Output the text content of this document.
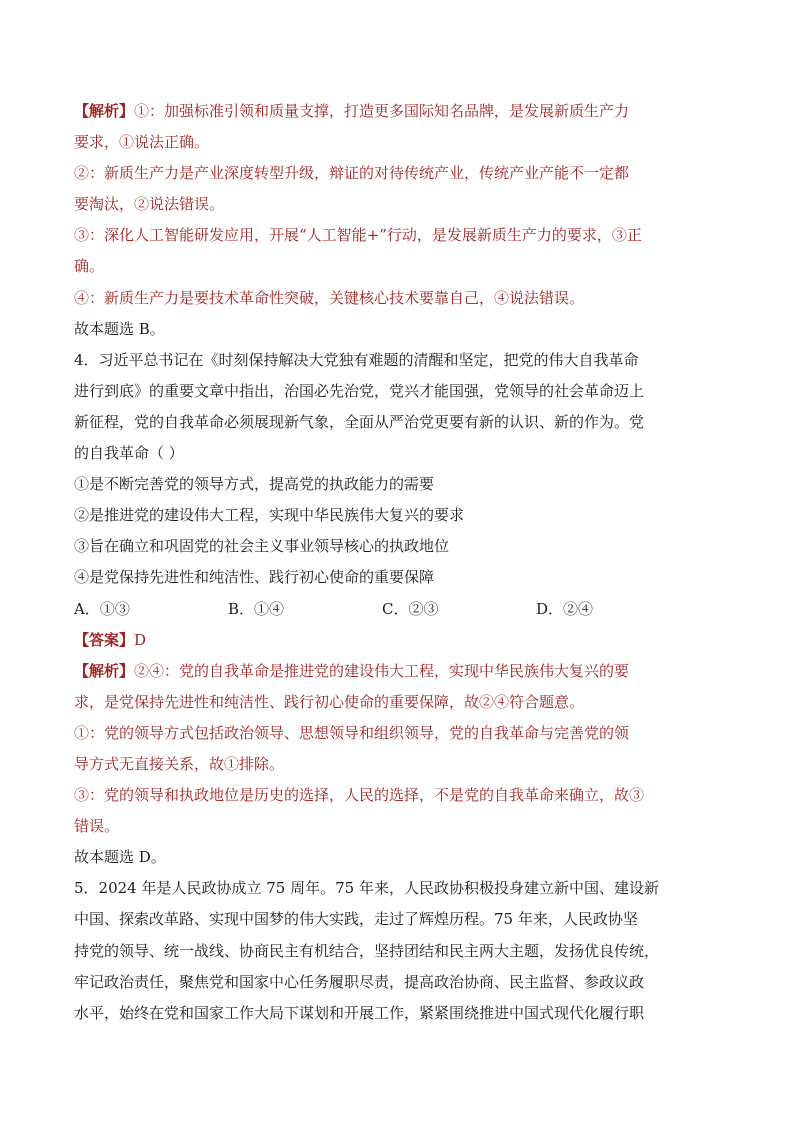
【解析】①：加强标准引领和质量支撑，打造更多国际知名品牌，是发展新质生产力
要求，①说法正确。
②：新质生产力是产业深度转型升级，辩证的对待传统产业，传统产业产能不一定都
要淘汰，②说法错误。
③：深化人工智能研发应用，开展“人工智能+”行动，是发展新质生产力的要求，③正
确。
④：新质生产力是要技术革命性突破，关键核心技术要靠自己，④说法错误。
故本题选 B。
4．习近平总书记在《时刻保持解决大党独有难题的清醒和坚定，把党的伟大自我革命
进行到底》的重要文章中指出，治国必先治党，党兴才能国强，党领导的社会革命迈上
新征程，党的自我革命必须展现新气象，全面从严治党更要有新的认识、新的作为。党
的自我革命（ ）
①是不断完善党的领导方式，提高党的执政能力的需要
②是推进党的建设伟大工程，实现中华民族伟大复兴的要求
③旨在确立和巩固党的社会主义事业领导核心的执政地位
④是党保持先进性和纯洁性、践行初心使命的重要保障
A．①③	B．①④	C．②③	D．②④
【答案】D
【解析】②④：党的自我革命是推进党的建设伟大工程，实现中华民族伟大复兴的要
求，是党保持先进性和纯洁性、践行初心使命的重要保障，故②④符合题意。
①：党的领导方式包括政治领导、思想领导和组织领导，党的自我革命与完善党的领
导方式无直接关系，故①排除。
③：党的领导和执政地位是历史的选择，人民的选择，不是党的自我革命来确立，故③
错误。
故本题选 D。
5．2024 年是人民政协成立 75 周年。75 年来，人民政协积极投身建立新中国、建设新
中国、探索改革路、实现中国梦的伟大实践，走过了辉煌历程。75 年来，人民政协坚
持党的领导、统一战线、协商民主有机结合，坚持团结和民主两大主题，发扬优良传统，
牢记政治责任，聚焦党和国家中心任务履职尽责，提高政治协商、民主监督、参政议政
水平，始终在党和国家工作大局下谋划和开展工作，紧紧围绕推进中国式现代化履行职
